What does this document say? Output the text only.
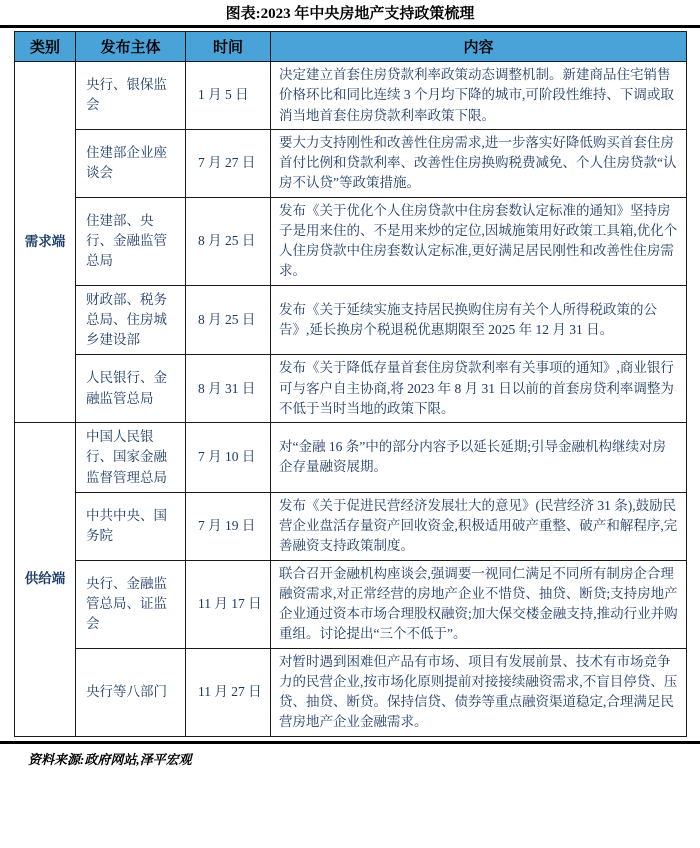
图表:2023 年中央房地产支持政策梳理
类别	发布主体	时间	内容
需求端	央行、银保监会	1 月 5 日	决定建立首套住房贷款利率政策动态调整机制。新建商品住宅销售价格环比和同比连续 3 个月均下降的城市,可阶段性维持、下调或取消当地首套住房贷款利率政策下限。
	住建部企业座谈会	7 月 27 日	要大力支持刚性和改善性住房需求,进一步落实好降低购买首套住房首付比例和贷款利率、改善性住房换购税费减免、个人住房贷款“认房不认贷”等政策措施。
	住建部、央行、金融监管总局	8 月 25 日	发布《关于优化个人住房贷款中住房套数认定标准的通知》坚持房子是用来住的、不是用来炒的定位,因城施策用好政策工具箱,优化个人住房贷款中住房套数认定标准,更好满足居民刚性和改善性住房需求。
	财政部、税务总局、住房城乡建设部	8 月 25 日	发布《关于延续实施支持居民换购住房有关个人所得税政策的公告》,延长换房个税退税优惠期限至 2025 年 12 月 31 日。
	人民银行、金融监管总局	8 月 31 日	发布《关于降低存量首套住房贷款利率有关事项的通知》,商业银行可与客户自主协商,将 2023 年 8 月 31 日以前的首套房贷利率调整为不低于当时当地的政策下限。
供给端	中国人民银行、国家金融监督管理总局	7 月 10 日	对“金融 16 条”中的部分内容予以延长延期;引导金融机构继续对房企存量融资展期。
	中共中央、国务院	7 月 19 日	发布《关于促进民营经济发展壮大的意见》(民营经济 31 条),鼓励民营企业盘活存量资产回收资金,积极适用破产重整、破产和解程序,完善融资支持政策制度。
	央行、金融监管总局、证监会	11 月 17 日	联合召开金融机构座谈会,强调要一视同仁满足不同所有制房企合理融资需求,对正常经营的房地产企业不惜贷、抽贷、断贷;支持房地产企业通过资本市场合理股权融资;加大保交楼金融支持,推动行业并购重组。讨论提出“三个不低于”。
	央行等八部门	11 月 27 日	对暂时遇到困难但产品有市场、项目有发展前景、技术有市场竞争力的民营企业,按市场化原则提前对接接续融资需求,不盲目停贷、压贷、抽贷、断贷。保持信贷、债券等重点融资渠道稳定,合理满足民营房地产企业金融需求。
资料来源:政府网站,泽平宏观
